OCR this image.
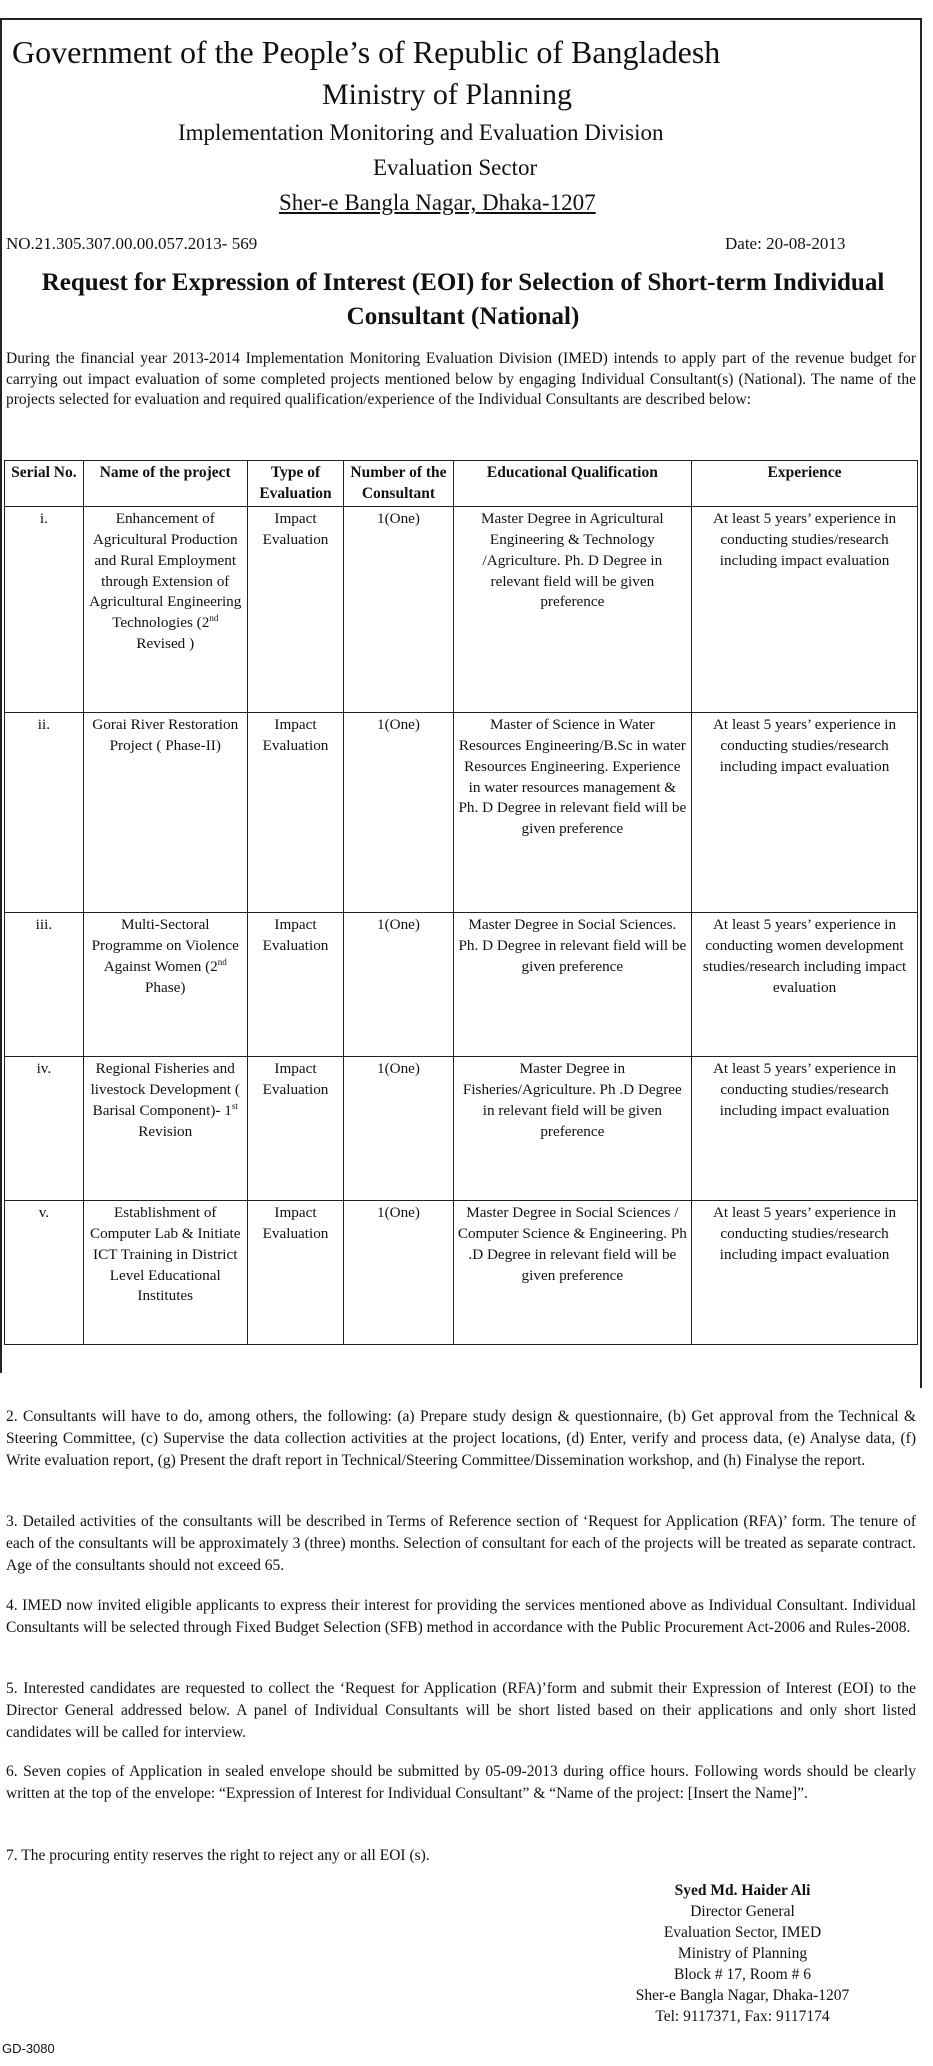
Government of the People’s of Republic of Bangladesh
Ministry of Planning
Implementation Monitoring and Evaluation Division
Evaluation Sector
Sher-e Bangla Nagar, Dhaka-1207
NO.21.305.307.00.00.057.2013- 569	Date: 20-08-2013
Request for Expression of Interest (EOI) for Selection of Short-term Individual Consultant (National)
During the financial year 2013-2014 Implementation Monitoring Evaluation Division (IMED) intends to apply part of the revenue budget for carrying out impact evaluation of some completed projects mentioned below by engaging Individual Consultant(s) (National). The name of the projects selected for evaluation and required qualification/experience of the Individual Consultants are described below:
Serial No.	Name of the project	Type of Evaluation	Number of the Consultant	Educational Qualification	Experience
i.	Enhancement of Agricultural Production and Rural Employment through Extension of Agricultural Engineering Technologies (2nd Revised )	Impact Evaluation	1(One)	Master Degree in Agricultural Engineering & Technology /Agriculture. Ph. D Degree in relevant field will be given preference	At least 5 years’ experience in conducting studies/research including impact evaluation
ii.	Gorai River Restoration Project ( Phase-II)	Impact Evaluation	1(One)	Master of Science in Water Resources Engineering/B.Sc in water Resources Engineering. Experience in water resources management & Ph. D Degree in relevant field will be given preference	At least 5 years’ experience in conducting studies/research including impact evaluation
iii.	Multi-Sectoral Programme on Violence Against Women (2nd Phase)	Impact Evaluation	1(One)	Master Degree in Social Sciences. Ph. D Degree in relevant field will be given preference	At least 5 years’ experience in conducting women development studies/research including impact evaluation
iv.	Regional Fisheries and livestock Development ( Barisal Component)- 1st Revision	Impact Evaluation	1(One)	Master Degree in Fisheries/Agriculture. Ph .D Degree in relevant field will be given preference	At least 5 years’ experience in conducting studies/research including impact evaluation
v.	Establishment of Computer Lab & Initiate ICT Training in District Level Educational Institutes	Impact Evaluation	1(One)	Master Degree in Social Sciences / Computer Science & Engineering. Ph .D Degree in relevant field will be given preference	At least 5 years’ experience in conducting studies/research including impact evaluation
2. Consultants will have to do, among others, the following: (a) Prepare study design & questionnaire, (b) Get approval from the Technical & Steering Committee, (c) Supervise the data collection activities at the project locations, (d) Enter, verify and process data, (e) Analyse data, (f) Write evaluation report, (g) Present the draft report in Technical/Steering Committee/Dissemination workshop, and (h) Finalyse the report.
3. Detailed activities of the consultants will be described in Terms of Reference section of ‘Request for Application (RFA)’ form. The tenure of each of the consultants will be approximately 3 (three) months. Selection of consultant for each of the projects will be treated as separate contract. Age of the consultants should not exceed 65.
4. IMED now invited eligible applicants to express their interest for providing the services mentioned above as Individual Consultant. Individual Consultants will be selected through Fixed Budget Selection (SFB) method in accordance with the Public Procurement Act-2006 and Rules-2008.
5. Interested candidates are requested to collect the ‘Request for Application (RFA)’form and submit their Expression of Interest (EOI) to the Director General addressed below. A panel of Individual Consultants will be short listed based on their applications and only short listed candidates will be called for interview.
6. Seven copies of Application in sealed envelope should be submitted by 05-09-2013 during office hours. Following words should be clearly written at the top of the envelope: “Expression of Interest for Individual Consultant” & “Name of the project: [Insert the Name]”.
7. The procuring entity reserves the right to reject any or all EOI (s).
Syed Md. Haider Ali
Director General
Evaluation Sector, IMED
Ministry of Planning
Block # 17, Room # 6
Sher-e Bangla Nagar, Dhaka-1207
Tel: 9117371, Fax: 9117174
GD-3080
